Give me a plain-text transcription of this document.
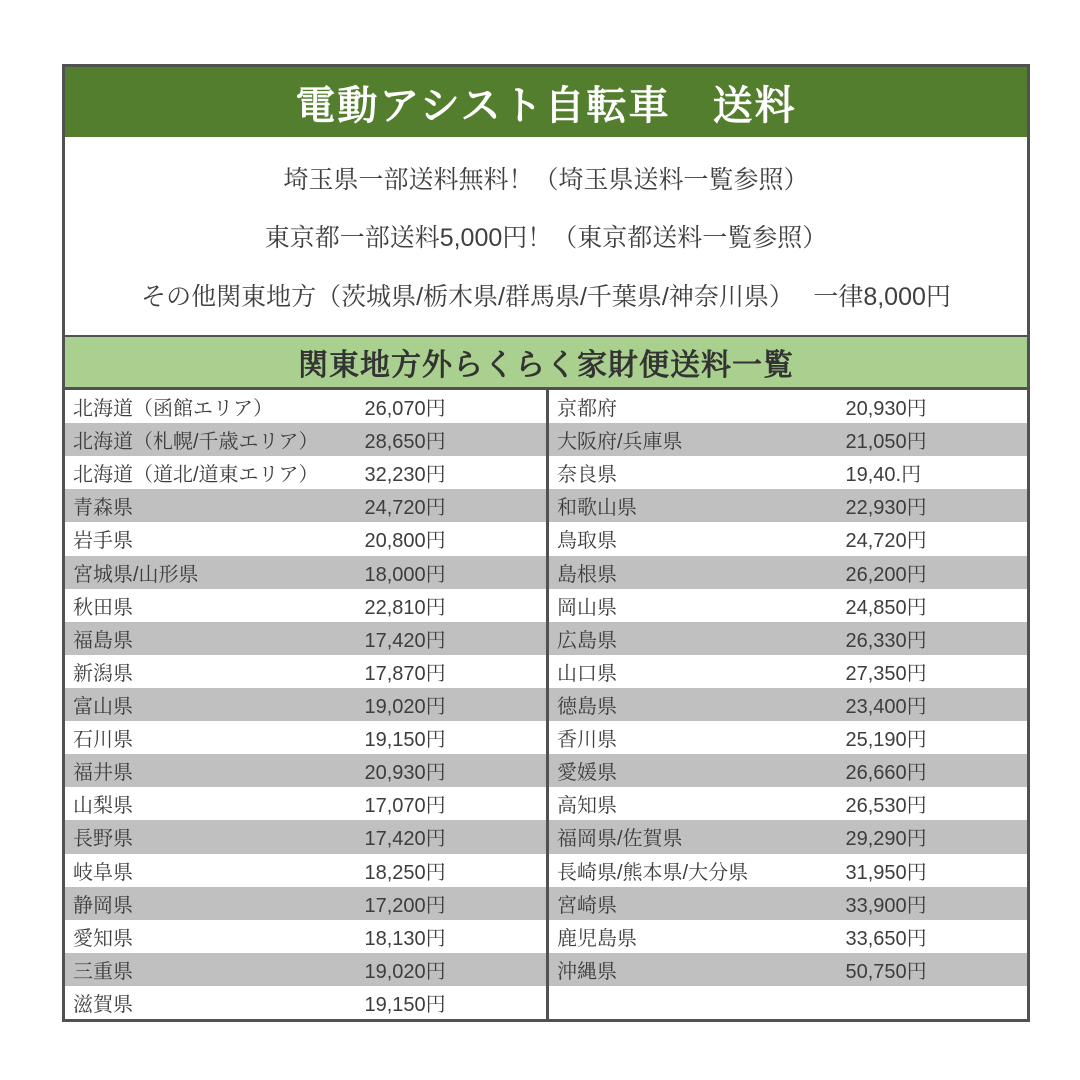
電動アシスト自転車　送料
埼玉県一部送料無料！（埼玉県送料一覧参照）
東京都一部送料5,000円！（東京都送料一覧参照）
その他関東地方（茨城県/栃木県/群馬県/千葉県/神奈川県）　 一律8,000円
関東地方外らくらく家財便送料一覧
北海道（函館エリア）	26,070円	京都府	20,930円
北海道（札幌/千歳エリア）	28,650円	大阪府/兵庫県	21,050円
北海道（道北/道東エリア）	32,230円	奈良県	19,40.円
青森県	24,720円	和歌山県	22,930円
岩手県	20,800円	鳥取県	24,720円
宮城県/山形県	18,000円	島根県	26,200円
秋田県	22,810円	岡山県	24,850円
福島県	17,420円	広島県	26,330円
新潟県	17,870円	山口県	27,350円
富山県	19,020円	徳島県	23,400円
石川県	19,150円	香川県	25,190円
福井県	20,930円	愛媛県	26,660円
山梨県	17,070円	高知県	26,530円
長野県	17,420円	福岡県/佐賀県	29,290円
岐阜県	18,250円	長崎県/熊本県/大分県	31,950円
静岡県	17,200円	宮崎県	33,900円
愛知県	18,130円	鹿児島県	33,650円
三重県	19,020円	沖縄県	50,750円
滋賀県	19,150円
